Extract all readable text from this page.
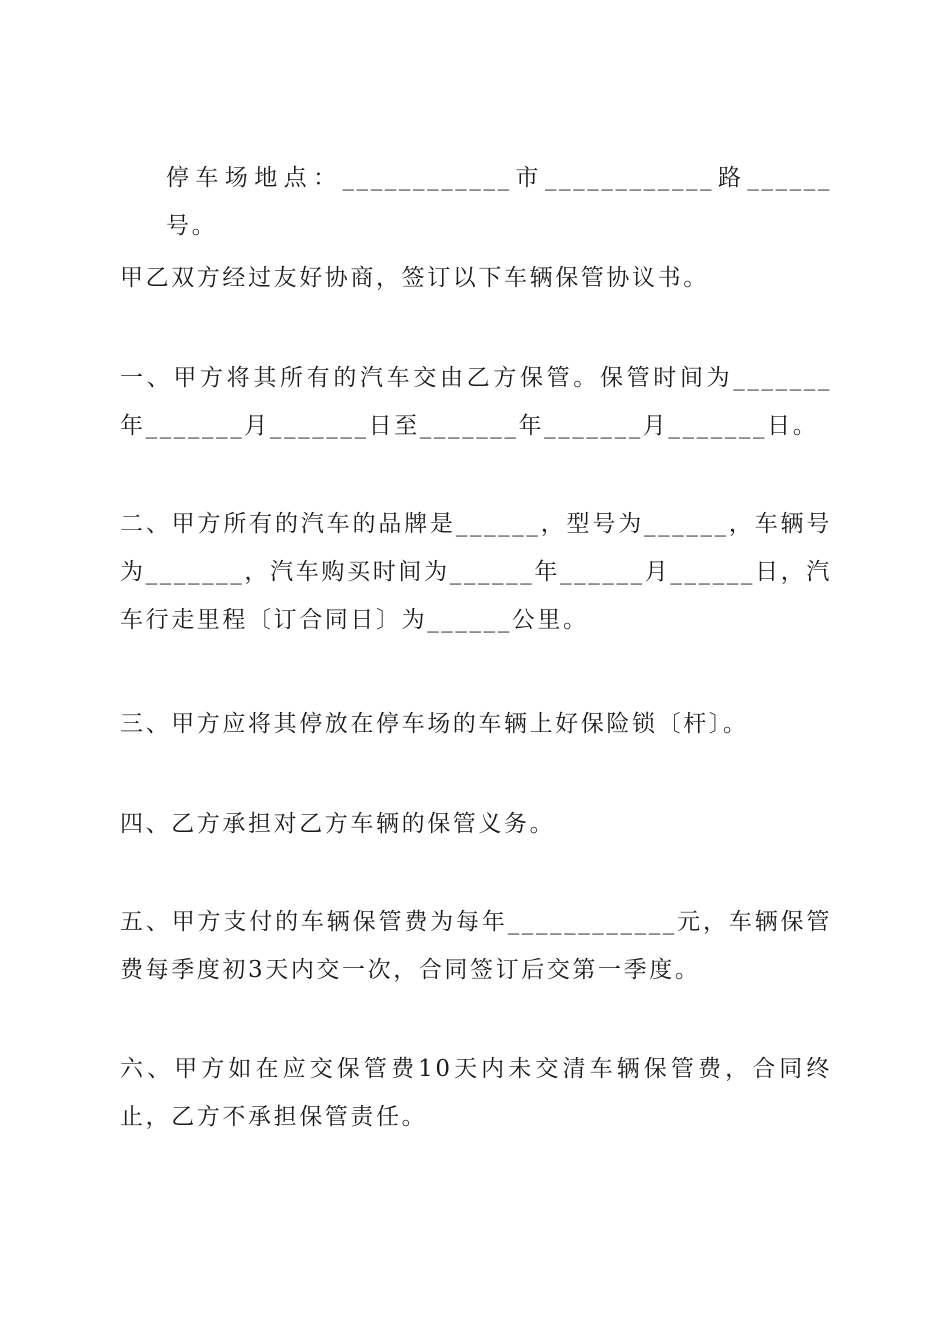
停车场地点：____________市____________路______号。
甲乙双方经过友好协商，签订以下车辆保管协议书。
一、甲方将其所有的汽车交由乙方保管。保管时间为_______年_______月_______日至_______年_______月_______日。
二、甲方所有的汽车的品牌是______，型号为______，车辆号为_______，汽车购买时间为______年______月______日，汽车行走里程〔订合同日〕为______公里。
三、甲方应将其停放在停车场的车辆上好保险锁〔杆〕。
四、乙方承担对乙方车辆的保管义务。
五、甲方支付的车辆保管费为每年____________元，车辆保管费每季度初3天内交一次，合同签订后交第一季度。
六、甲方如在应交保管费10天内未交清车辆保管费，合同终止，乙方不承担保管责任。
